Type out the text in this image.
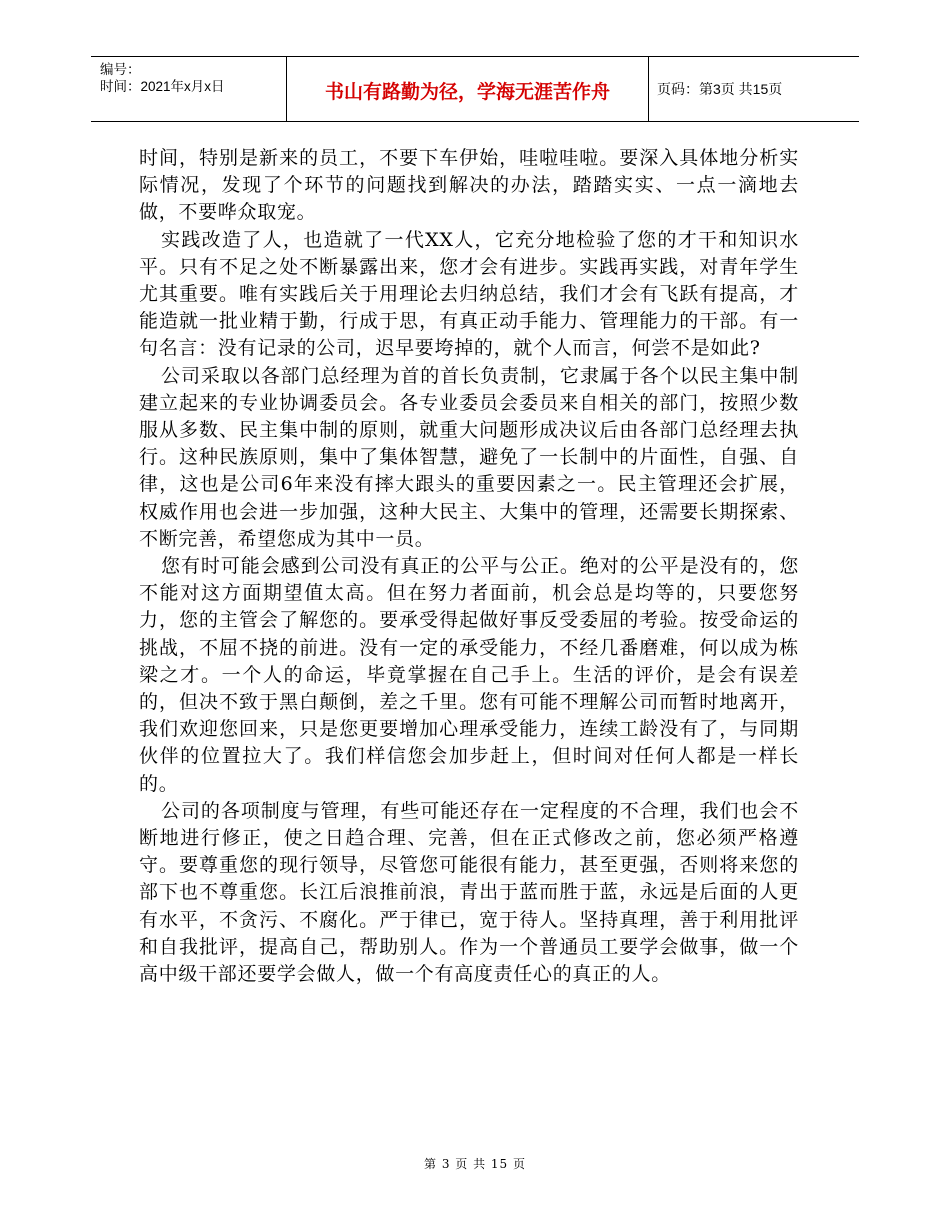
编号：
时间：2021年x月x日	书山有路勤为径，学海无涯苦作舟	页码：第3页 共15页

时间，特别是新来的员工，不要下车伊始，哇啦哇啦。要深入具体地分析实际情况，发现了个环节的问题找到解决的办法，踏踏实实、一点一滴地去做，不要哗众取宠。

实践改造了人，也造就了一代XX人，它充分地检验了您的才干和知识水平。只有不足之处不断暴露出来，您才会有进步。实践再实践，对青年学生尤其重要。唯有实践后关于用理论去归纳总结，我们才会有飞跃有提高，才能造就一批业精于勤，行成于思，有真正动手能力、管理能力的干部。有一句名言：没有记录的公司，迟早要垮掉的，就个人而言，何尝不是如此?

公司采取以各部门总经理为首的首长负责制，它隶属于各个以民主集中制建立起来的专业协调委员会。各专业委员会委员来自相关的部门，按照少数服从多数、民主集中制的原则，就重大问题形成决议后由各部门总经理去执行。这种民族原则，集中了集体智慧，避免了一长制中的片面性，自强、自律，这也是公司6年来没有摔大跟头的重要因素之一。民主管理还会扩展，权威作用也会进一步加强，这种大民主、大集中的管理，还需要长期探索、不断完善，希望您成为其中一员。

您有时可能会感到公司没有真正的公平与公正。绝对的公平是没有的，您不能对这方面期望值太高。但在努力者面前，机会总是均等的，只要您努力，您的主管会了解您的。要承受得起做好事反受委屈的考验。按受命运的挑战，不屈不挠的前进。没有一定的承受能力，不经几番磨难，何以成为栋梁之才。一个人的命运，毕竟掌握在自己手上。生活的评价，是会有误差的，但决不致于黑白颠倒，差之千里。您有可能不理解公司而暂时地离开，我们欢迎您回来，只是您更要增加心理承受能力，连续工龄没有了，与同期伙伴的位置拉大了。我们样信您会加步赶上，但时间对任何人都是一样长的。

公司的各项制度与管理，有些可能还存在一定程度的不合理，我们也会不断地进行修正，使之日趋合理、完善，但在正式修改之前，您必须严格遵守。要尊重您的现行领导，尽管您可能很有能力，甚至更强，否则将来您的部下也不尊重您。长江后浪推前浪，青出于蓝而胜于蓝，永远是后面的人更有水平，不贪污、不腐化。严于律已，宽于待人。坚持真理，善于利用批评和自我批评，提高自己，帮助别人。作为一个普通员工要学会做事，做一个高中级干部还要学会做人，做一个有高度责任心的真正的人。

第 3 页 共 15 页
